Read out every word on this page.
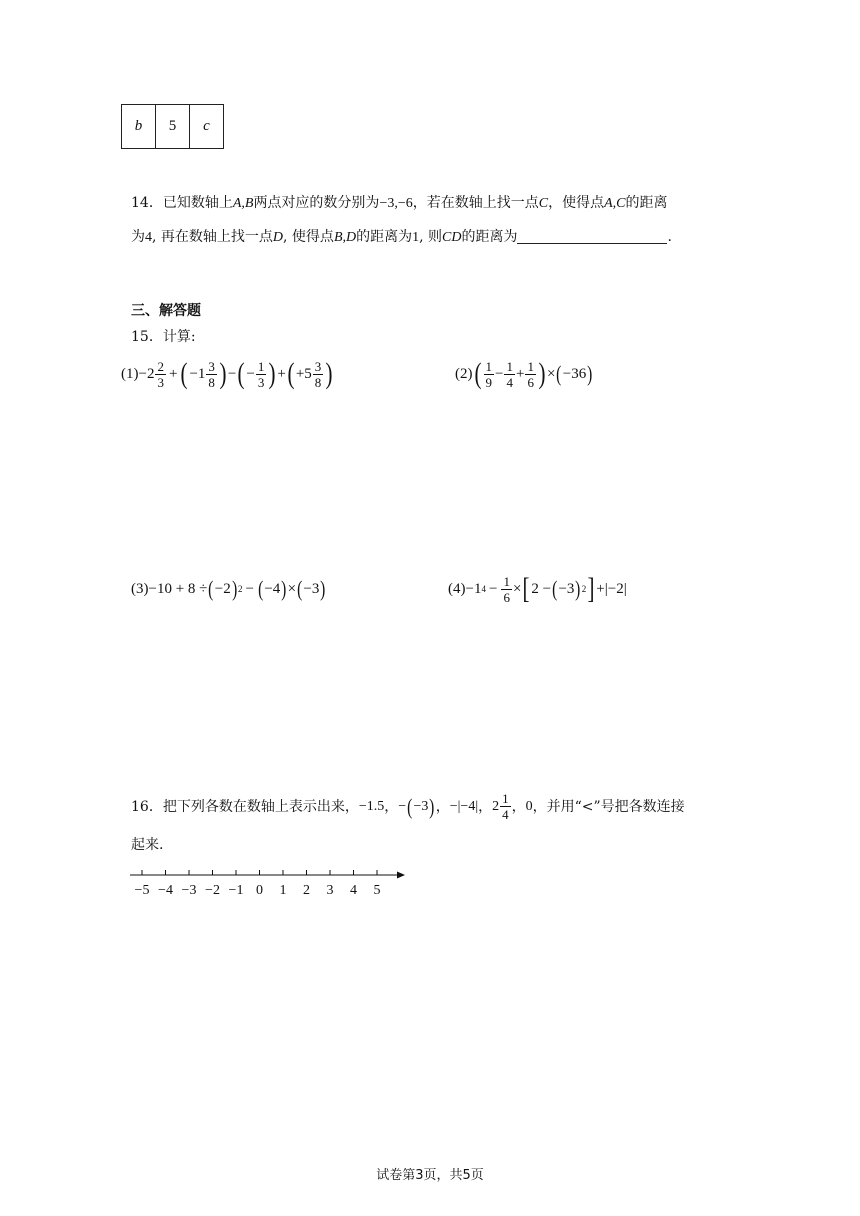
b	5	c
14．已知数轴上A,B两点对应的数分别为−3,−6，若在数轴上找一点C，使得点A,C的距离
为4, 再在数轴上找一点D, 使得点B,D的距离为1, 则CD的距离为	.
三、解答题
15．计算:
$(1) -2 \frac{2}{3}$ + ( $-1 \frac{3}{8}$ ) − ( − $\frac{1}{3}$ ) + ( $+5 \frac{3}{8}$ )	(2) ( $\frac{1}{9} - \frac{1}{4} + \frac{1}{6}$ ) × ( −36 )
(3) −10 + 8 ÷ ( −2 ) 2 − ( −4 ) × ( −3 )	(4) −1 $4 - \frac{1}{6}$ × [ 2 − ( −3 ) 2 ] + | −2 |
16． 把下列各数在数轴上表示出来， −1.5 ， − ( −3 ) ， − | −4 | ， $2 \frac{1}{4}$ ， 0 ，并用“<”号把各数连接
起来.
−5 −4 −3 −2 −1 0 1 2 3 4 5
试卷第3页，共5页
